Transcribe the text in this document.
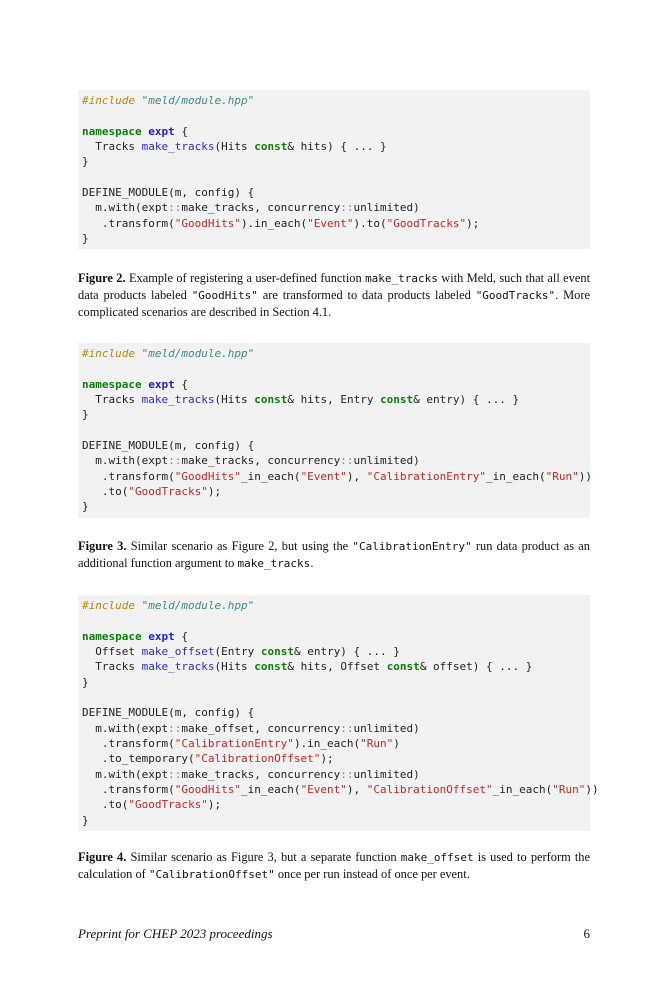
#include "meld/module.hpp"
namespace expt {
Tracks make_tracks(Hits const& hits) { ... }
}
DEFINE_MODULE(m, config) {
m.with(expt::make_tracks, concurrency::unlimited)
.transform("GoodHits").in_each("Event").to("GoodTracks");
}
Figure 2. Example of registering a user-defined function make_tracks with Meld, such that all event data products labeled "GoodHits" are transformed to data products labeled "GoodTracks". More complicated scenarios are described in Section 4.1.
#include "meld/module.hpp"
namespace expt {
Tracks make_tracks(Hits const& hits, Entry const& entry) { ... }
}
DEFINE_MODULE(m, config) {
m.with(expt::make_tracks, concurrency::unlimited)
.transform("GoodHits"_in_each("Event"), "CalibrationEntry"_in_each("Run"))
.to("GoodTracks");
}
Figure 3. Similar scenario as Figure 2, but using the "CalibrationEntry" run data product as an additional function argument to make_tracks.
#include "meld/module.hpp"
namespace expt {
Offset make_offset(Entry const& entry) { ... }
Tracks make_tracks(Hits const& hits, Offset const& offset) { ... }
}
DEFINE_MODULE(m, config) {
m.with(expt::make_offset, concurrency::unlimited)
.transform("CalibrationEntry").in_each("Run")
.to_temporary("CalibrationOffset");
m.with(expt::make_tracks, concurrency::unlimited)
.transform("GoodHits"_in_each("Event"), "CalibrationOffset"_in_each("Run"))
.to("GoodTracks");
}
Figure 4. Similar scenario as Figure 3, but a separate function make_offset is used to perform the calculation of "CalibrationOffset" once per run instead of once per event.
Preprint for CHEP 2023 proceedings	6
